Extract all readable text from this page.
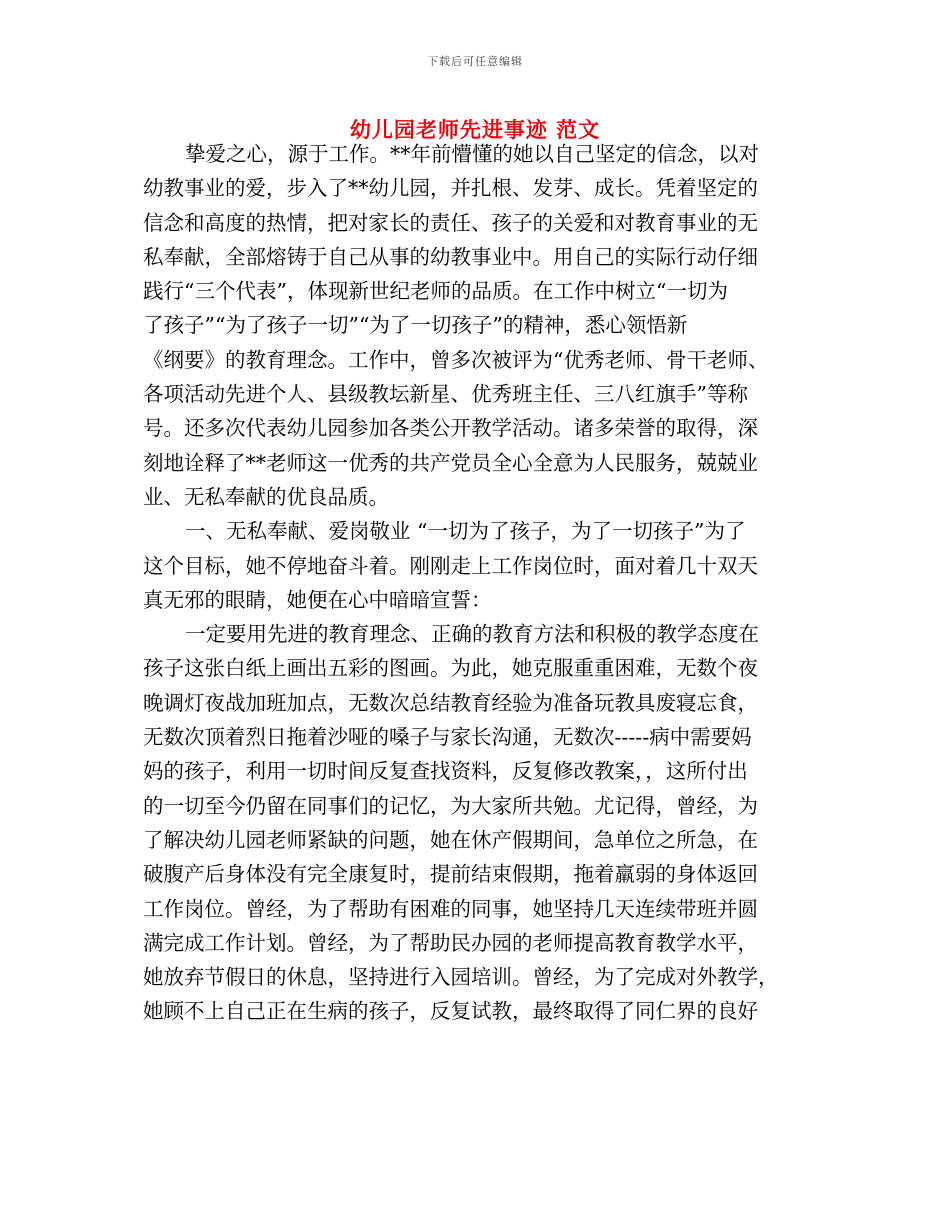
下载后可任意编辑
幼儿园老师先进事迹 范文
挚爱之心，源于工作。**年前懵懂的她以自己坚定的信念，以对
幼教事业的爱，步入了**幼儿园，并扎根、发芽、成长。凭着坚定的
信念和高度的热情，把对家长的责任、孩子的关爱和对教育事业的无
私奉献，全部熔铸于自己从事的幼教事业中。用自己的实际行动仔细
践行“三个代表”，体现新世纪老师的品质。在工作中树立“一切为
了孩子”“为了孩子一切”“为了一切孩子”的精神，悉心领悟新
《纲要》的教育理念。工作中，曾多次被评为“优秀老师、骨干老师、
各项活动先进个人、县级教坛新星、优秀班主任、三八红旗手”等称
号。还多次代表幼儿园参加各类公开教学活动。诸多荣誉的取得，深
刻地诠释了**老师这一优秀的共产党员全心全意为人民服务，兢兢业
业、无私奉献的优良品质。
一、无私奉献、爱岗敬业 “一切为了孩子，为了一切孩子”为了
这个目标，她不停地奋斗着。刚刚走上工作岗位时，面对着几十双天
真无邪的眼睛，她便在心中暗暗宣誓：
一定要用先进的教育理念、正确的教育方法和积极的教学态度在
孩子这张白纸上画出五彩的图画。为此，她克服重重困难，无数个夜
晚调灯夜战加班加点，无数次总结教育经验为准备玩教具废寝忘食，
无数次顶着烈日拖着沙哑的嗓子与家长沟通，无数次-----病中需要妈
妈的孩子，利用一切时间反复查找资料，反复修改教案，，这所付出
的一切至今仍留在同事们的记忆，为大家所共勉。尤记得，曾经，为
了解决幼儿园老师紧缺的问题，她在休产假期间，急单位之所急，在
破腹产后身体没有完全康复时，提前结束假期，拖着羸弱的身体返回
工作岗位。曾经，为了帮助有困难的同事，她坚持几天连续带班并圆
满完成工作计划。曾经，为了帮助民办园的老师提高教育教学水平，
她放弃节假日的休息，坚持进行入园培训。曾经，为了完成对外教学，
她顾不上自己正在生病的孩子，反复试教，最终取得了同仁界的良好
